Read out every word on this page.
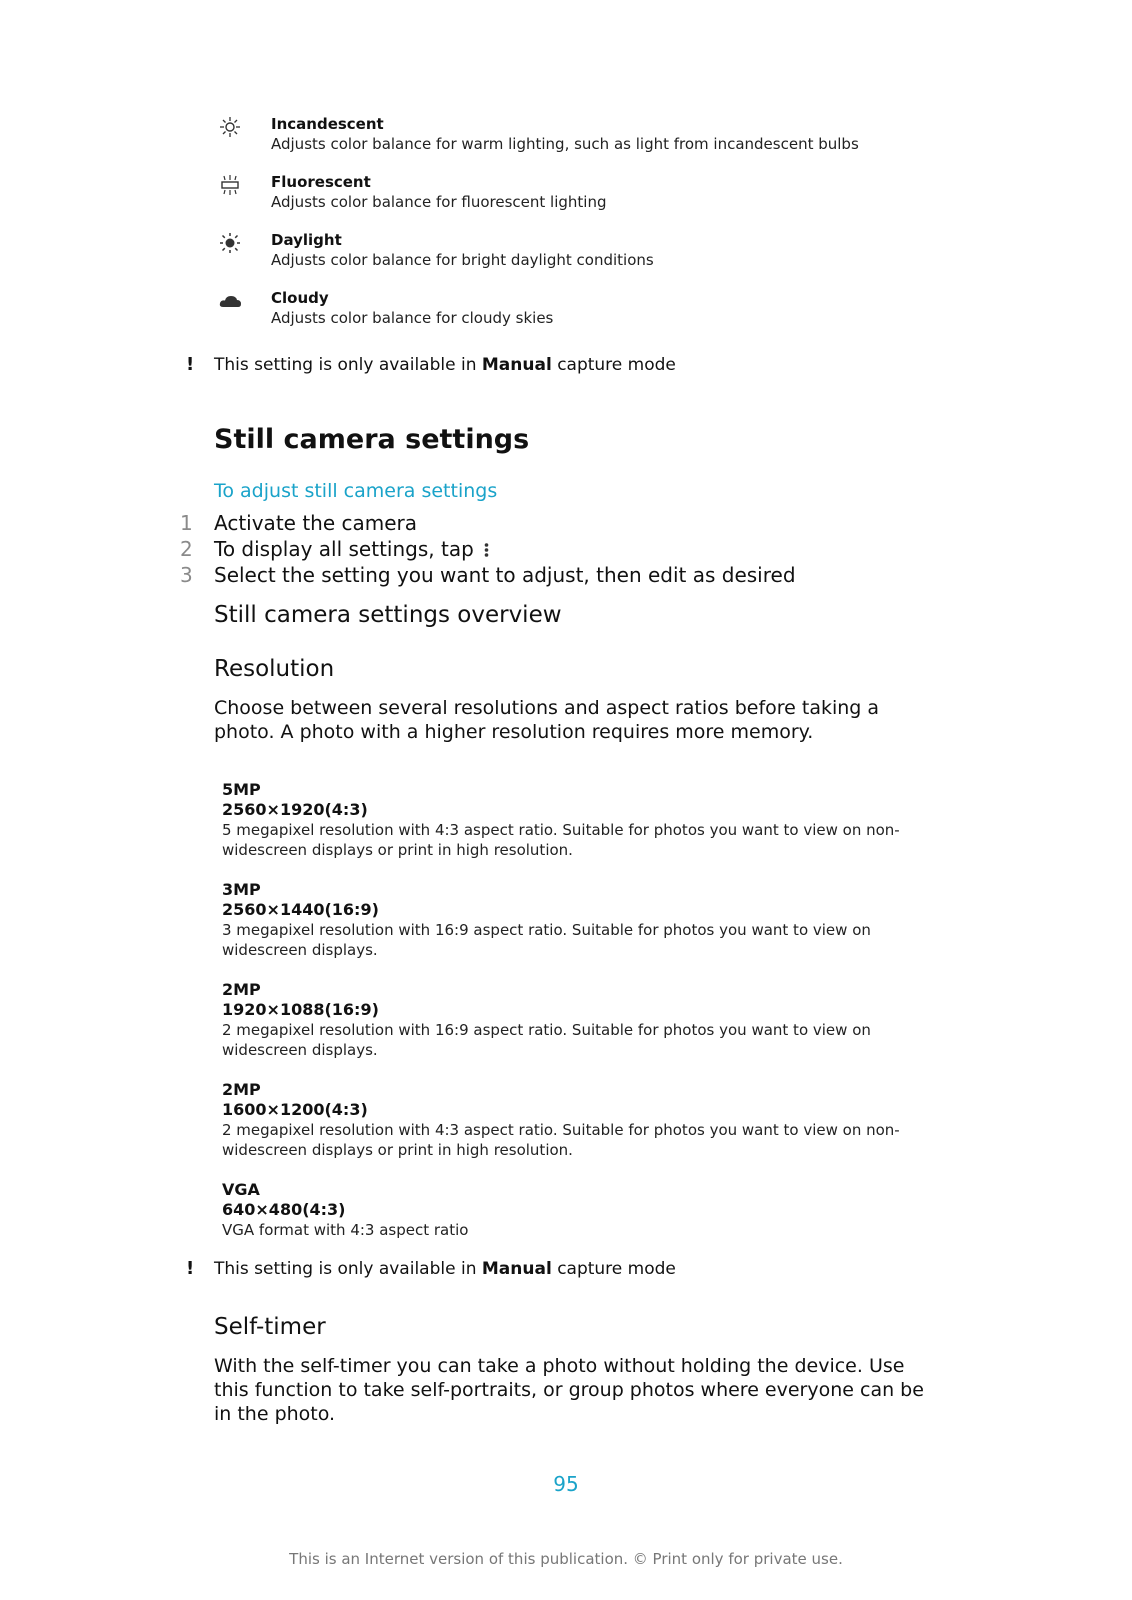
Incandescent
Adjusts color balance for warm lighting, such as light from incandescent bulbs
Fluorescent
Adjusts color balance for fluorescent lighting
Daylight
Adjusts color balance for bright daylight conditions
Cloudy
Adjusts color balance for cloudy skies
! This setting is only available in Manual capture mode
Still camera settings
To adjust still camera settings
1	Activate the camera
2	To display all settings, tap
3	Select the setting you want to adjust, then edit as desired
Still camera settings overview
Resolution
Choose between several resolutions and aspect ratios before taking a photo. A photo with a higher resolution requires more memory.
5MP
2560×1920(4:3)
5 megapixel resolution with 4:3 aspect ratio. Suitable for photos you want to view on non-widescreen displays or print in high resolution.
3MP
2560×1440(16:9)
3 megapixel resolution with 16:9 aspect ratio. Suitable for photos you want to view on widescreen displays.
2MP
1920×1088(16:9)
2 megapixel resolution with 16:9 aspect ratio. Suitable for photos you want to view on widescreen displays.
2MP
1600×1200(4:3)
2 megapixel resolution with 4:3 aspect ratio. Suitable for photos you want to view on non-widescreen displays or print in high resolution.
VGA
640×480(4:3)
VGA format with 4:3 aspect ratio
! This setting is only available in Manual capture mode
Self-timer
With the self-timer you can take a photo without holding the device. Use this function to take self-portraits, or group photos where everyone can be in the photo.
95
This is an Internet version of this publication. © Print only for private use.
